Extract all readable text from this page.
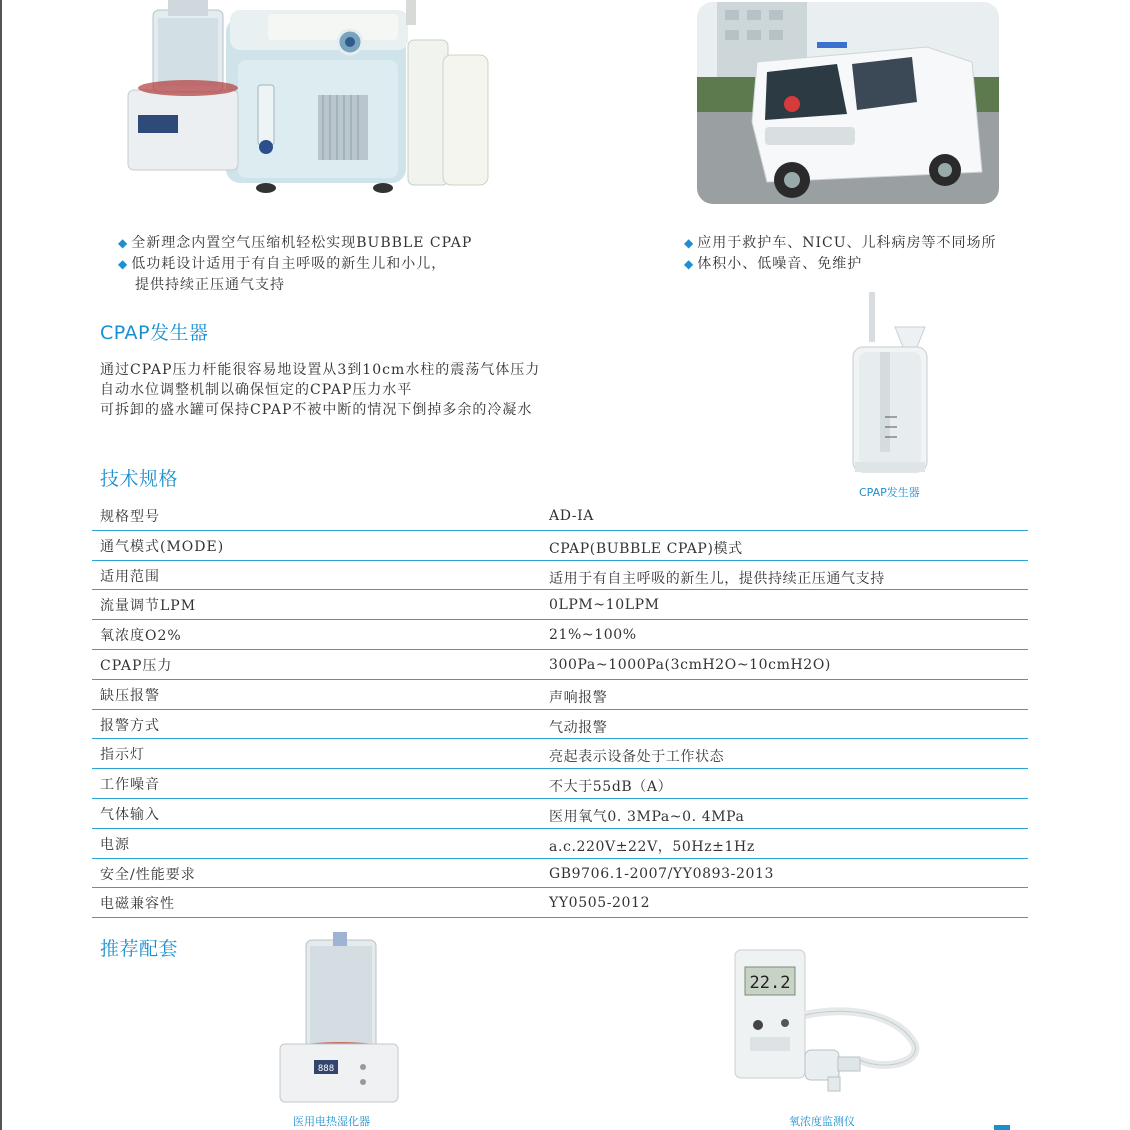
◆ 全新理念内置空气压缩机轻松实现BUBBLE CPAP
◆ 低功耗设计适用于有自主呼吸的新生儿和小儿，
提供持续正压通气支持
◆ 应用于救护车、NICU、儿科病房等不同场所
◆ 体积小、低噪音、免维护
CPAP发生器
通过CPAP压力杆能很容易地设置从3到10cm水柱的震荡气体压力
自动水位调整机制以确保恒定的CPAP压力水平
可拆卸的盛水罐可保持CPAP不被中断的情况下倒掉多余的冷凝水
CPAP发生器
技术规格
规格型号	AD-IA
通气模式(MODE)	CPAP(BUBBLE CPAP)模式
适用范围	适用于有自主呼吸的新生儿，提供持续正压通气支持
流量调节LPM	0LPM~10LPM
氧浓度O2%	21%~100%
CPAP压力	300Pa~1000Pa(3cmH2O~10cmH2O)
缺压报警	声响报警
报警方式	气动报警
指示灯	亮起表示设备处于工作状态
工作噪音	不大于55dB（A）
气体输入	医用氧气0. 3MPa~0. 4MPa
电源	a.c.220V±22V，50Hz±1Hz
安全/性能要求	GB9706.1-2007/YY0893-2013
电磁兼容性	YY0505-2012
推荐配套
888
医用电热湿化器
22.2
氧浓度监测仪
